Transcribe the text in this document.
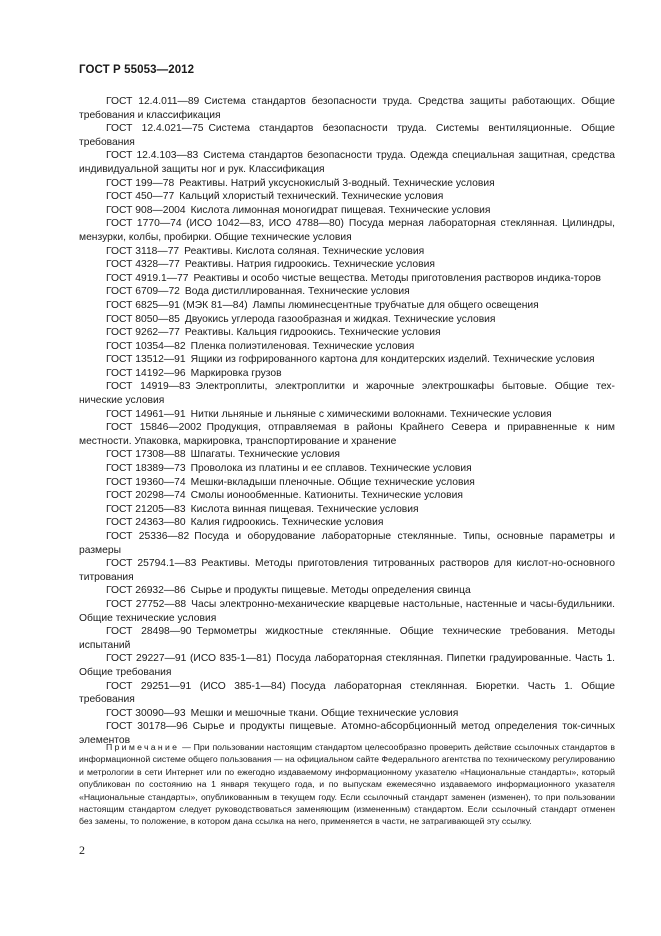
ГОСТ Р 55053—2012

ГОСТ 12.4.011—89 Система стандартов безопасности труда. Средства защиты работающих. Общие требования и классификация

ГОСТ 12.4.021—75 Система стандартов безопасности труда. Системы вентиляционные. Общие требования

ГОСТ 12.4.103—83 Система стандартов безопасности труда. Одежда специальная защитная, средства индивидуальной защиты ног и рук. Классификация

ГОСТ 199—78 Реактивы. Натрий уксуснокислый 3-водный. Технические условия

ГОСТ 450—77 Кальций хлористый технический. Технические условия

ГОСТ 908—2004 Кислота лимонная моногидрат пищевая. Технические условия

ГОСТ 1770—74 (ИСО 1042—83, ИСО 4788—80) Посуда мерная лабораторная стеклянная. Цилиндры, мензурки, колбы, пробирки. Общие технические условия

ГОСТ 3118—77 Реактивы. Кислота соляная. Технические условия

ГОСТ 4328—77 Реактивы. Натрия гидроокись. Технические условия

ГОСТ 4919.1—77 Реактивы и особо чистые вещества. Методы приготовления растворов индика-торов

ГОСТ 6709—72 Вода дистиллированная. Технические условия

ГОСТ 6825—91 (МЭК 81—84) Лампы люминесцентные трубчатые для общего освещения

ГОСТ 8050—85 Двуокись углерода газообразная и жидкая. Технические условия

ГОСТ 9262—77 Реактивы. Кальция гидроокись. Технические условия

ГОСТ 10354—82 Пленка полиэтиленовая. Технические условия

ГОСТ 13512—91 Ящики из гофрированного картона для кондитерских изделий. Технические условия

ГОСТ 14192—96 Маркировка грузов

ГОСТ 14919—83 Электроплиты, электроплитки и жарочные электрошкафы бытовые. Общие тех-нические условия

ГОСТ 14961—91 Нитки льняные и льняные с химическими волокнами. Технические условия

ГОСТ 15846—2002 Продукция, отправляемая в районы Крайнего Севера и приравненные к ним местности. Упаковка, маркировка, транспортирование и хранение

ГОСТ 17308—88 Шпагаты. Технические условия

ГОСТ 18389—73 Проволока из платины и ее сплавов. Технические условия

ГОСТ 19360—74 Мешки-вкладыши пленочные. Общие технические условия

ГОСТ 20298—74 Смолы ионообменные. Катиониты. Технические условия

ГОСТ 21205—83 Кислота винная пищевая. Технические условия

ГОСТ 24363—80 Калия гидроокись. Технические условия

ГОСТ 25336—82 Посуда и оборудование лабораторные стеклянные. Типы, основные параметры и размеры

ГОСТ 25794.1—83 Реактивы. Методы приготовления титрованных растворов для кислот-но-основного титрования

ГОСТ 26932—86 Сырье и продукты пищевые. Методы определения свинца

ГОСТ 27752—88 Часы электронно-механические кварцевые настольные, настенные и часы-будильники. Общие технические условия

ГОСТ 28498—90 Термометры жидкостные стеклянные. Общие технические требования. Методы испытаний

ГОСТ 29227—91 (ИСО 835-1—81) Посуда лабораторная стеклянная. Пипетки градуированные. Часть 1. Общие требования

ГОСТ 29251—91 (ИСО 385-1—84) Посуда лабораторная стеклянная. Бюретки. Часть 1. Общие требования

ГОСТ 30090—93 Мешки и мешочные ткани. Общие технические условия

ГОСТ 30178—96 Сырье и продукты пищевые. Атомно-абсорбционный метод определения ток-сичных элементов

Примечание — При пользовании настоящим стандартом целесообразно проверить действие ссылочных стандартов в информационной системе общего пользования — на официальном сайте Федерального агентства по техническому регулированию и метрологии в сети Интернет или по ежегодно издаваемому информационному указателю «Национальные стандарты», который опубликован по состоянию на 1 января текущего года, и по выпускам ежемесячно издаваемого информационного указателя «Национальные стандарты», опубликованным в текущем году. Если ссылочный стандарт заменен (изменен), то при пользовании настоящим стандартом следует руководствоваться заменяющим (измененным) стандартом. Если ссылочный стандарт отменен без замены, то положение, в котором дана ссылка на него, применяется в части, не затрагивающей эту ссылку.
2
